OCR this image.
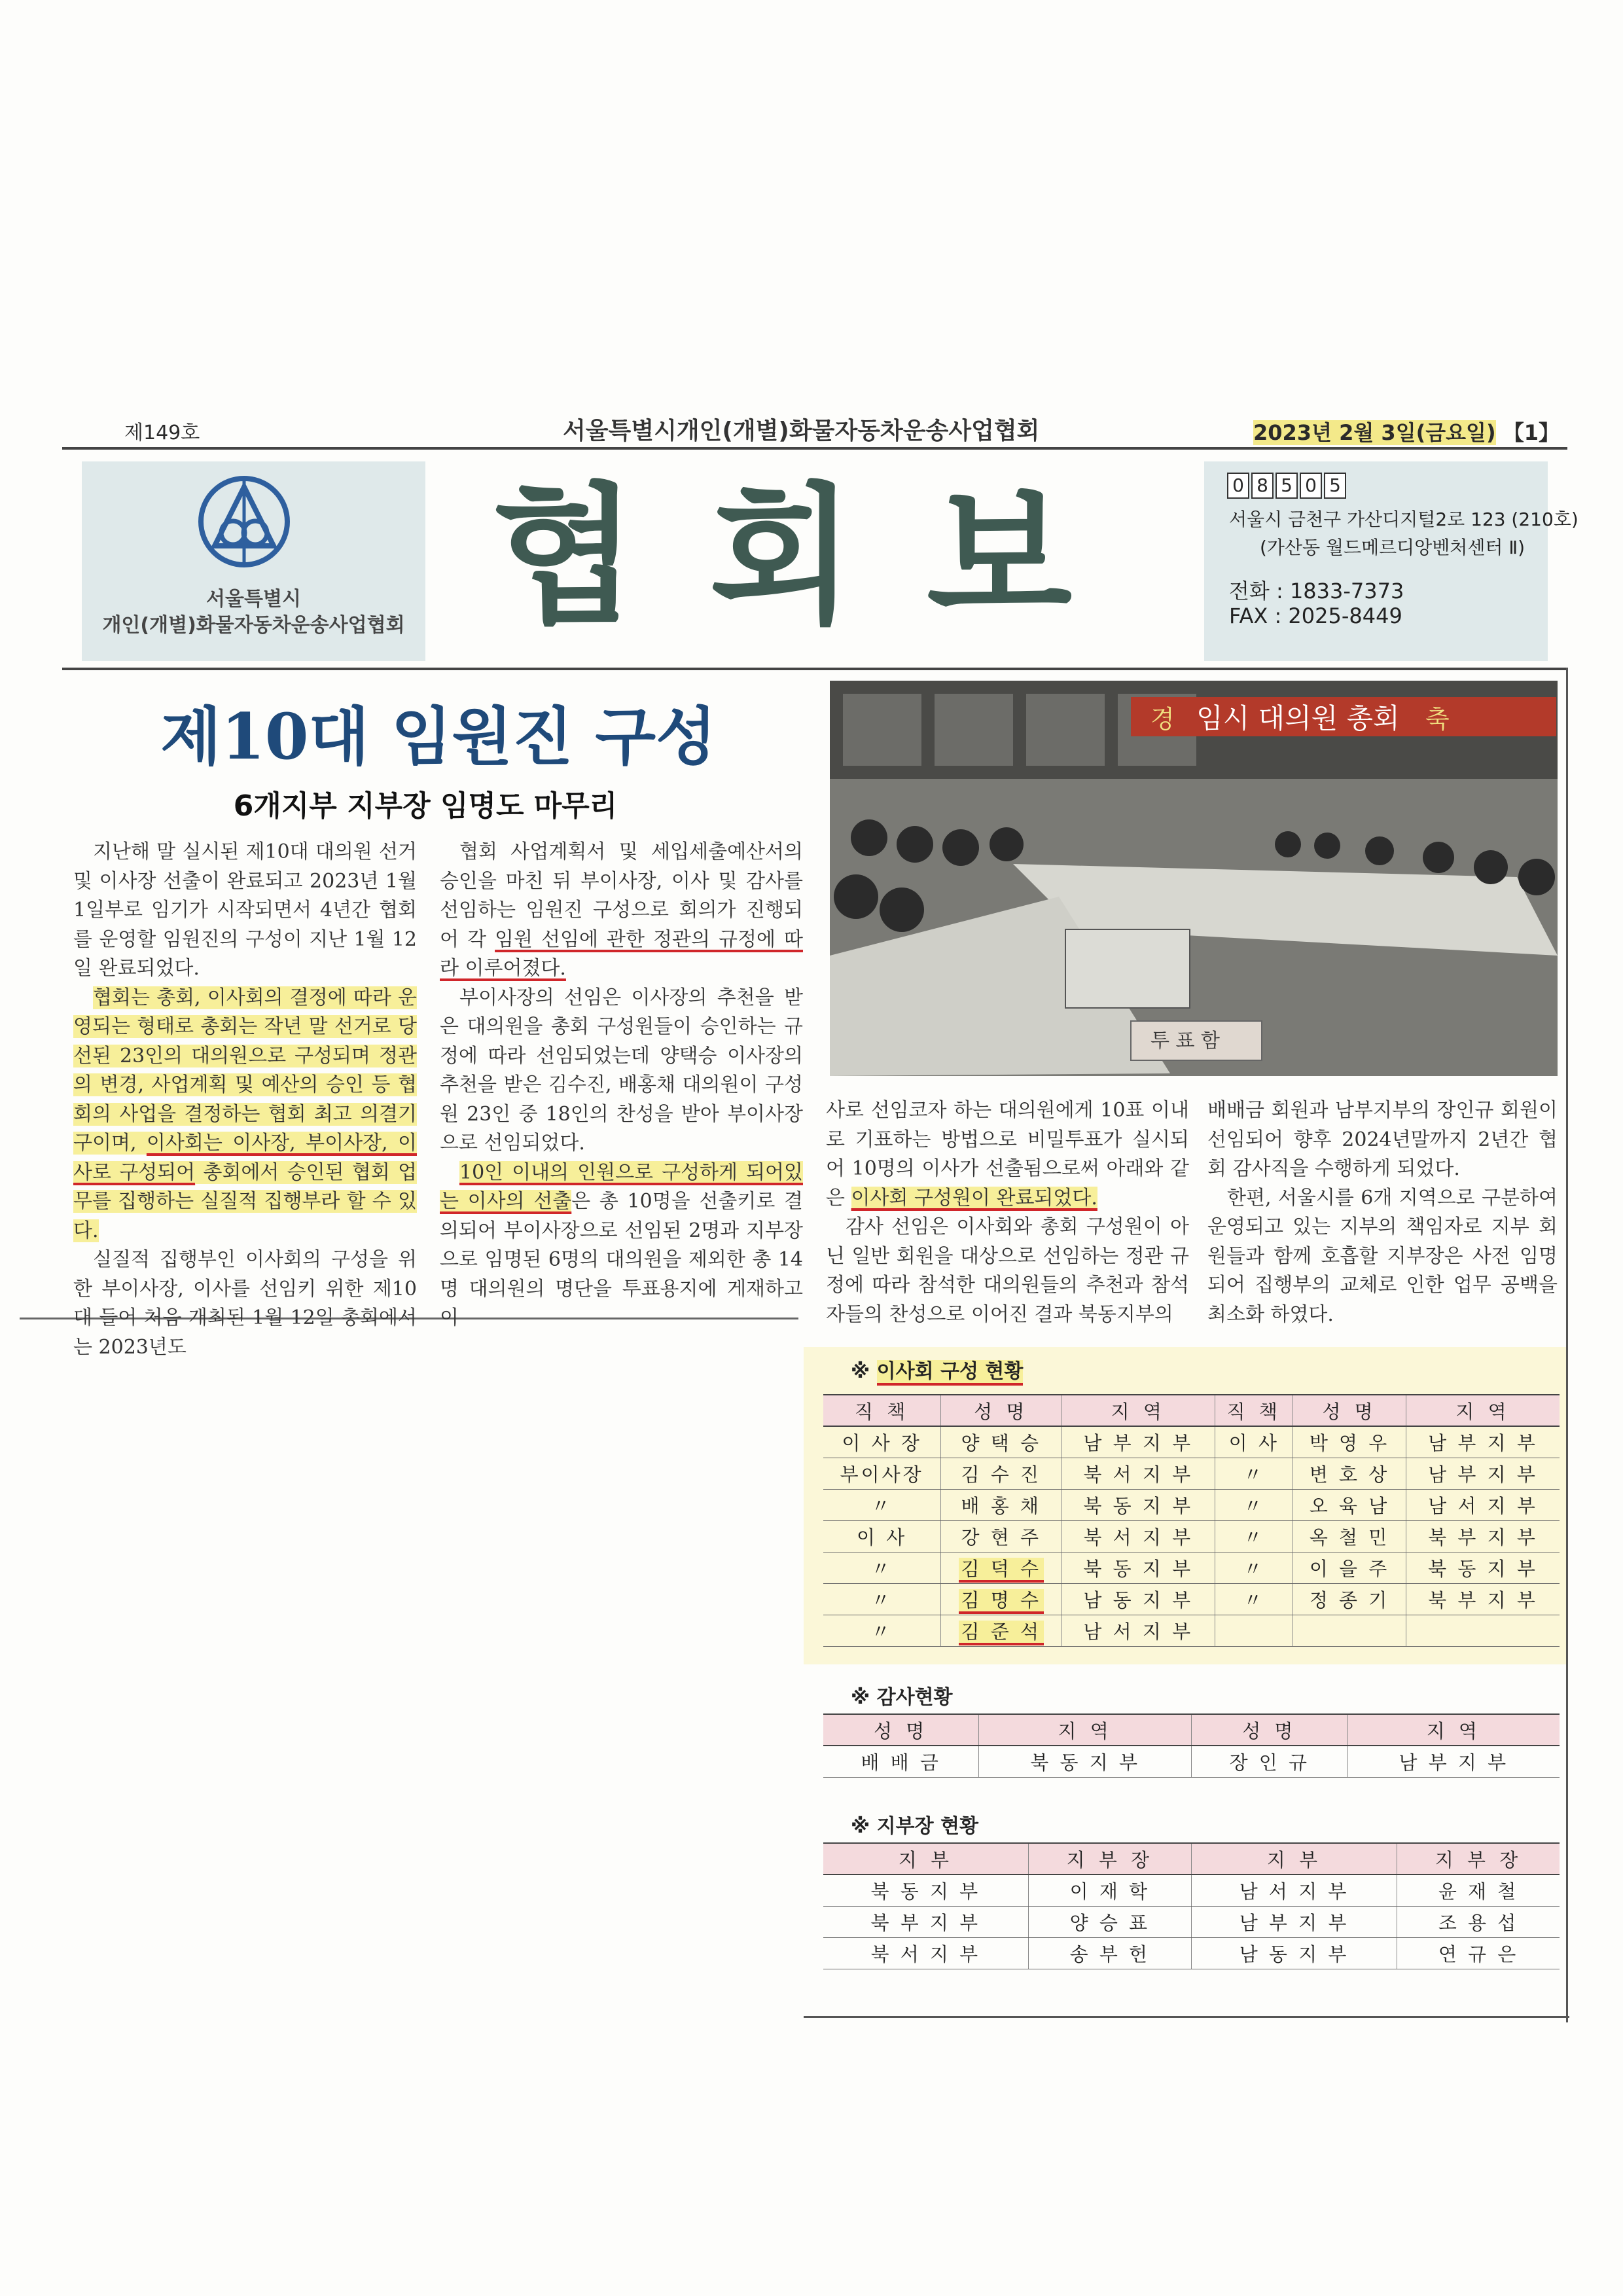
제149호	서울특별시개인(개별)화물자동차운송사업협회	2023년 2월 3일(금요일) 【1】
서울특별시
개인(개별)화물자동차운송사업협회 협회보	0 8 5 0 5
서울시 금천구 가산디지털2로 123 (210호)
(가산동 월드메르디앙벤처센터 Ⅱ)
전화 : 1833-7373
FAX : 2025-8449
제10대 임원진 구성
6개지부 지부장 임명도 마무리

지난해 말 실시된 제10대 대의원 선거 및 이사장 선출이 완료되고 2023년 1월 1일부로 임기가 시작되면서 4년간 협회를 운영할 임원진의 구성이 지난 1월 12일 완료되었다.

협회는 총회, 이사회의 결정에 따라 운영되는 형태로 총회는 작년 말 선거로 당선된 23인의 대의원으로 구성되며 정관의 변경, 사업계획 및 예산의 승인 등 협회의 사업을 결정하는 협회 최고 의결기구이며, 이사회는 이사장, 부이사장, 이사로 구성되어 총회에서 승인된 협회 업무를 집행하는 실질적 집행부라 할 수 있다.

실질적 집행부인 이사회의 구성을 위한 부이사장, 이사를 선임키 위한 제10대 들어 처음 개최된 1월 12일 총회에서는 2023년도

협회 사업계획서 및 세입세출예산서의 승인을 마친 뒤 부이사장, 이사 및 감사를 선임하는 임원진 구성으로 회의가 진행되어 각 임원 선임에 관한 정관의 규정에 따라 이루어졌다.

부이사장의 선임은 이사장의 추천을 받은 대의원을 총회 구성원들이 승인하는 규정에 따라 선임되었는데 양택승 이사장의 추천을 받은 김수진, 배홍채 대의원이 구성원 23인 중 18인의 찬성을 받아 부이사장으로 선임되었다.

10인 이내의 인원으로 구성하게 되어있는 이사의 선출은 총 10명을 선출키로 결의되어 부이사장으로 선임된 2명과 지부장으로 임명된 6명의 대의원을 제외한 총 14명 대의원의 명단을 투표용지에 게재하고 이

경 임시 대의원 총회 축
투 표 함

사로 선임코자 하는 대의원에게 10표 이내로 기표하는 방법으로 비밀투표가 실시되어 10명의 이사가 선출됨으로써 아래와 같은 이사회 구성원이 완료되었다.

감사 선임은 이사회와 총회 구성원이 아닌 일반 회원을 대상으로 선임하는 정관 규정에 따라 참석한 대의원들의 추천과 참석자들의 찬성으로 이어진 결과 북동지부의

배배금 회원과 남부지부의 장인규 회원이 선임되어 향후 2024년말까지 2년간 협회 감사직을 수행하게 되었다.

한편, 서울시를 6개 지역으로 구분하여 운영되고 있는 지부의 책임자로 지부 회원들과 함께 호흡할 지부장은 사전 임명되어 집행부의 교체로 인한 업무 공백을 최소화 하였다.

※ 이사회 구성 현황
직 책	성 명	지 역	직 책	성 명	지 역
이 사 장	양 택 승	남 부 지 부	이 사	박 영 우	남 부 지 부
부이사장	김 수 진	북 서 지 부	〃	변 호 상	남 부 지 부
〃	배 홍 채	북 동 지 부	〃	오 육 남	남 서 지 부
이 사	강 현 주	북 서 지 부	〃	옥 철 민	북 부 지 부
〃	김 덕 수	북 동 지 부	〃	이 을 주	북 동 지 부
〃	김 명 수	남 동 지 부	〃	정 종 기	북 부 지 부
〃	김 준 석	남 서 지 부			
※ 감사현황
성 명	지 역	성 명	지 역
배 배 금	북 동 지 부	장 인 규	남 부 지 부
※ 지부장 현황
지 부	지 부 장	지 부	지 부 장
북 동 지 부	이 재 학	남 서 지 부	윤 재 철
북 부 지 부	양 승 표	남 부 지 부	조 용 섭
북 서 지 부	송 부 헌	남 동 지 부	연 규 은
